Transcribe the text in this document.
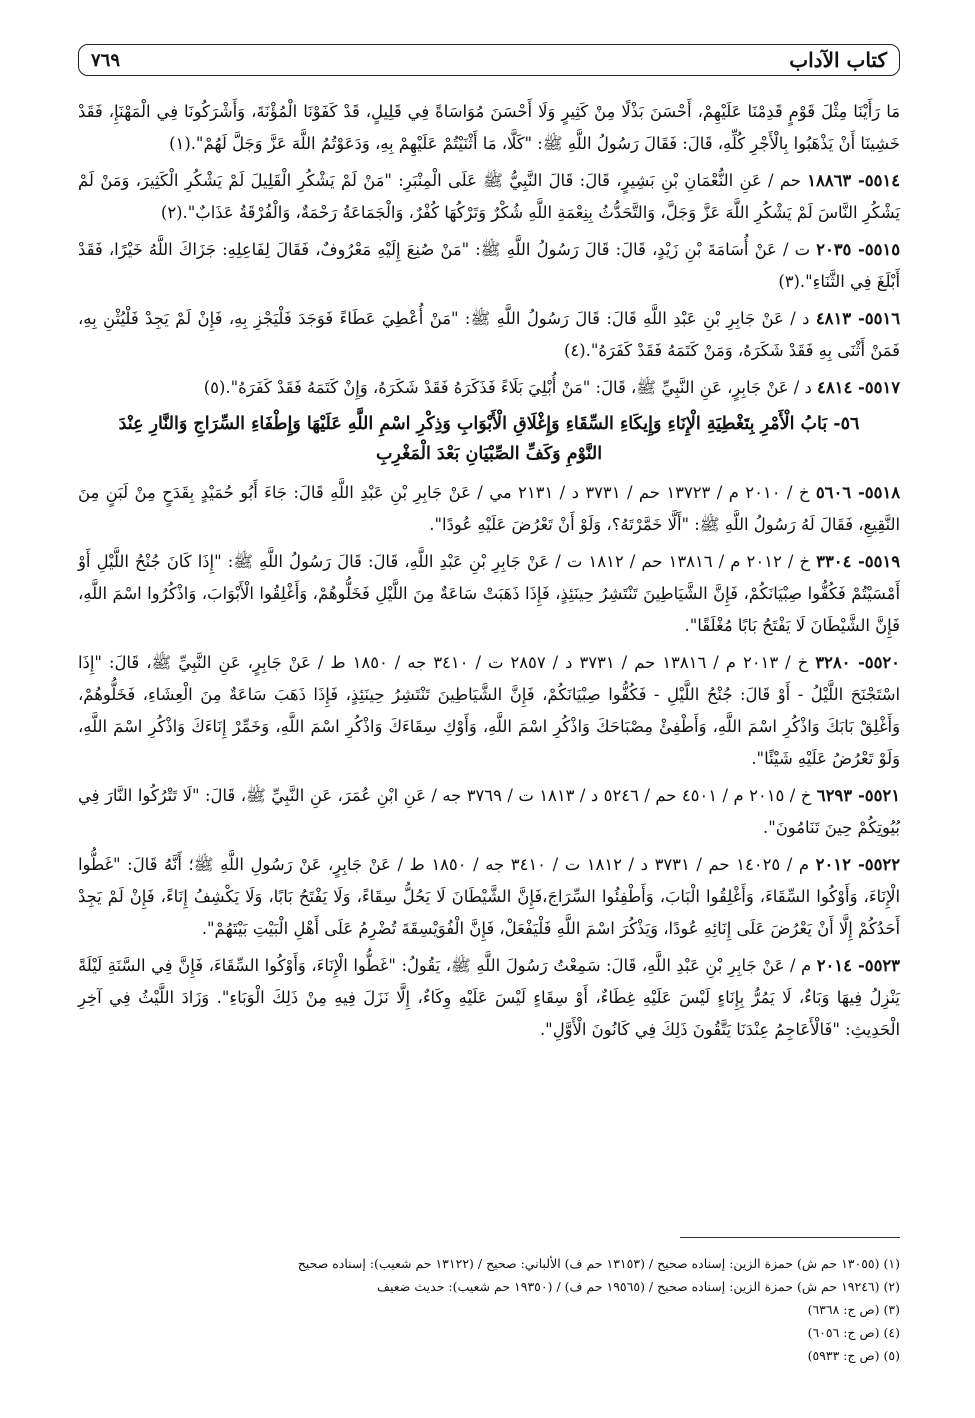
كتاب الآداب
٧٦٩

مَا رَأَيْنَا مِثْلَ قَوْمٍ قَدِمْنَا عَلَيْهِمْ، أَحْسَنَ بَذْلًا مِنْ كَثِيرٍ وَلَا أَحْسَنَ مُوَاسَاةً فِي قَلِيلٍ، قَدْ كَفَوْنَا الْمُؤْنَةَ، وَأَشْرَكُونَا فِي الْمَهْنَإِ، فَقَدْ خَشِينَا أَنْ يَذْهَبُوا بِالْأَجْرِ كُلِّهِ، قَالَ: فَقَالَ رَسُولُ اللَّهِ ﷺ: "كَلَّا، مَا أَثْنَيْتُمْ عَلَيْهِمْ بِهِ، وَدَعَوْتُمُ اللَّهَ عَزَّ وَجَلَّ لَهُمْ".(١)

٥٥١٤- ١٨٨٦٣ حم / عَنِ النُّعْمَانِ بْنِ بَشِيرٍ، قَالَ: قَالَ النَّبِيُّ ﷺ عَلَى الْمِنْبَرِ: "مَنْ لَمْ يَشْكُرِ الْقَلِيلَ لَمْ يَشْكُرِ الْكَثِيرَ، وَمَنْ لَمْ يَشْكُرِ النَّاسَ لَمْ يَشْكُرِ اللَّهَ عَزَّ وَجَلَّ، وَالتَّحَدُّثُ بِنِعْمَةِ اللَّهِ شُكْرٌ وَتَرْكُهَا كُفْرٌ، وَالْجَمَاعَةُ رَحْمَةٌ، وَالْفُرْقَةُ عَذَابٌ".(٢)

٥٥١٥- ٢٠٣٥ ت / عَنْ أُسَامَةَ بْنِ زَيْدٍ، قَالَ: قَالَ رَسُولُ اللَّهِ ﷺ: "مَنْ صُنِعَ إِلَيْهِ مَعْرُوفٌ، فَقَالَ لِفَاعِلِهِ: جَزَاكَ اللَّهُ خَيْرًا، فَقَدْ أَبْلَغَ فِي الثَّنَاءِ".(٣)

٥٥١٦- ٤٨١٣ د / عَنْ جَابِرِ بْنِ عَبْدِ اللَّهِ قَالَ: قَالَ رَسُولُ اللَّهِ ﷺ: "مَنْ أُعْطِيَ عَطَاءً فَوَجَدَ فَلْيَجْزِ بِهِ، فَإِنْ لَمْ يَجِدْ فَلْيُثْنِ بِهِ، فَمَنْ أَثْنَى بِهِ فَقَدْ شَكَرَهُ، وَمَنْ كَتَمَهُ فَقَدْ كَفَرَهُ".(٤)

٥٥١٧- ٤٨١٤ د / عَنْ جَابِرٍ، عَنِ النَّبِيِّ ﷺ، قَالَ: "مَنْ أُبْلِيَ بَلَاءً فَذَكَرَهُ فَقَدْ شَكَرَهُ، وَإِنْ كَتَمَهُ فَقَدْ كَفَرَهُ".(٥)

٥٦- بَابُ الْأَمْرِ بِتَغْطِيَةِ الْإِنَاءِ وَإِيكَاءِ السِّقَاءِ وَإِغْلَاقِ الْأَبْوَابِ وَذِكْرِ اسْمِ اللَّهِ عَلَيْهَا وَإِطْفَاءِ السِّرَاجِ وَالنَّارِ عِنْدَ النَّوْمِ وَكَفِّ الصِّبْيَانِ بَعْدَ الْمَغْرِبِ

٥٥١٨- ٥٦٠٦ خ / ٢٠١٠ م / ١٣٧٢٣ حم / ٣٧٣١ د / ٢١٣١ مي / عَنْ جَابِرِ بْنِ عَبْدِ اللَّهِ قَالَ: جَاءَ أَبُو حُمَيْدٍ بِقَدَحٍ مِنْ لَبَنٍ مِنَ النَّقِيعِ، فَقَالَ لَهُ رَسُولُ اللَّهِ ﷺ: "أَلَّا خَمَّرْتَهُ؟، وَلَوْ أَنْ تَعْرُضَ عَلَيْهِ عُودًا".

٥٥١٩- ٣٣٠٤ خ / ٢٠١٢ م / ١٣٨١٦ حم / ١٨١٢ ت / عَنْ جَابِرِ بْنِ عَبْدِ اللَّهِ، قَالَ: قَالَ رَسُولُ اللَّهِ ﷺ: "إِذَا كَانَ جُنْحُ اللَّيْلِ أَوْ أَمْسَيْتُمْ فَكُفُّوا صِبْيَانَكُمْ، فَإِنَّ الشَّيَاطِينَ تَنْتَشِرُ حِينَئِذٍ، فَإِذَا ذَهَبَتْ سَاعَةٌ مِنَ اللَّيْلِ فَخَلُّوهُمْ، وَأَغْلِقُوا الْأَبْوَابَ، وَاذْكُرُوا اسْمَ اللَّهِ، فَإِنَّ الشَّيْطَانَ لَا يَفْتَحُ بَابًا مُغْلَقًا".

٥٥٢٠- ٣٢٨٠ خ / ٢٠١٣ م / ١٣٨١٦ حم / ٣٧٣١ د / ٢٨٥٧ ت / ٣٤١٠ جه / ١٨٥٠ ط / عَنْ جَابِرٍ، عَنِ النَّبِيِّ ﷺ، قَالَ: "إِذَا اسْتَجْنَحَ اللَّيْلُ - أَوْ قَالَ: جُنْحُ اللَّيْلِ - فَكُفُّوا صِبْيَانَكُمْ، فَإِنَّ الشَّيَاطِينَ تَنْتَشِرُ حِينَئِذٍ، فَإِذَا ذَهَبَ سَاعَةٌ مِنَ الْعِشَاءِ، فَخَلُّوهُمْ، وَأَغْلِقْ بَابَكَ وَاذْكُرِ اسْمَ اللَّهِ، وَأَطْفِئْ مِصْبَاحَكَ وَاذْكُرِ اسْمَ اللَّهِ، وَأَوْكِ سِقَاءَكَ وَاذْكُرِ اسْمَ اللَّهِ، وَخَمِّرْ إِنَاءَكَ وَاذْكُرِ اسْمَ اللَّهِ، وَلَوْ تَعْرُضُ عَلَيْهِ شَيْئًا".

٥٥٢١- ٦٢٩٣ خ / ٢٠١٥ م / ٤٥٠١ حم / ٥٢٤٦ د / ١٨١٣ ت / ٣٧٦٩ جه / عَنِ ابْنِ عُمَرَ، عَنِ النَّبِيِّ ﷺ، قَالَ: "لَا تَتْرُكُوا النَّارَ فِي بُيُوتِكُمْ حِينَ تَنَامُونَ".

٥٥٢٢- ٢٠١٢ م / ١٤٠٢٥ حم / ٣٧٣١ د / ١٨١٢ ت / ٣٤١٠ جه / ١٨٥٠ ط / عَنْ جَابِرٍ، عَنْ رَسُولِ اللَّهِ ﷺ؛ أَنَّهُ قَالَ: "غَطُّوا الْإِنَاءَ، وَأَوْكُوا السِّقَاءَ، وَأَغْلِقُوا الْبَابَ، وَأَطْفِئُوا السِّرَاجَ،فَإِنَّ الشَّيْطَانَ لَا يَحُلُّ سِقَاءً، وَلَا يَفْتَحُ بَابًا، وَلَا يَكْشِفُ إِنَاءً، فَإِنْ لَمْ يَجِدْ أَحَدُكُمْ إِلَّا أَنْ يَعْرُضَ عَلَى إِنَائِهِ عُودًا، وَيَذْكُرَ اسْمَ اللَّهِ فَلْيَفْعَلْ، فَإِنَّ الْفُوَيْسِقَةَ تُضْرِمُ عَلَى أَهْلِ الْبَيْتِ بَيْتَهُمْ".

٥٥٢٣- ٢٠١٤ م / عَنْ جَابِرِ بْنِ عَبْدِ اللَّهِ، قَالَ: سَمِعْتُ رَسُولَ اللَّهِ ﷺ، يَقُولُ: "غَطُّوا الْإِنَاءَ، وَأَوْكُوا السِّقَاءَ، فَإِنَّ فِي السَّنَةِ لَيْلَةً يَنْزِلُ فِيهَا وَبَاءٌ، لَا يَمُرُّ بِإِنَاءٍ لَيْسَ عَلَيْهِ غِطَاءٌ، أَوْ سِقَاءٍ لَيْسَ عَلَيْهِ وِكَاءٌ، إِلَّا نَزَلَ فِيهِ مِنْ ذَلِكَ الْوَبَاءِ". وَزَادَ اللَّيْثُ فِي آخِرِ الْحَدِيثِ: "فَالْأَعَاجِمُ عِنْدَنَا يَتَّقُونَ ذَلِكَ فِي كَانُونَ الْأَوَّلِ".

(١) (١٣٠٥٥ حم ش) حمزة الزين: إسناده صحيح / (١٣١٥٣ حم ف) الألباني: صحيح / (١٣١٢٢ حم شعيب): إسناده صحيح
(٢) (١٩٢٤٦ حم ش) حمزة الزين: إسناده صحيح / (١٩٥٦٥ حم ف) / (١٩٣٥٠ حم شعيب): حديث ضعيف
(٣) (ص ج: ٦٣٦٨)
(٤) (ص ج: ٦٠٥٦)
(٥) (ص ج: ٥٩٣٣)
